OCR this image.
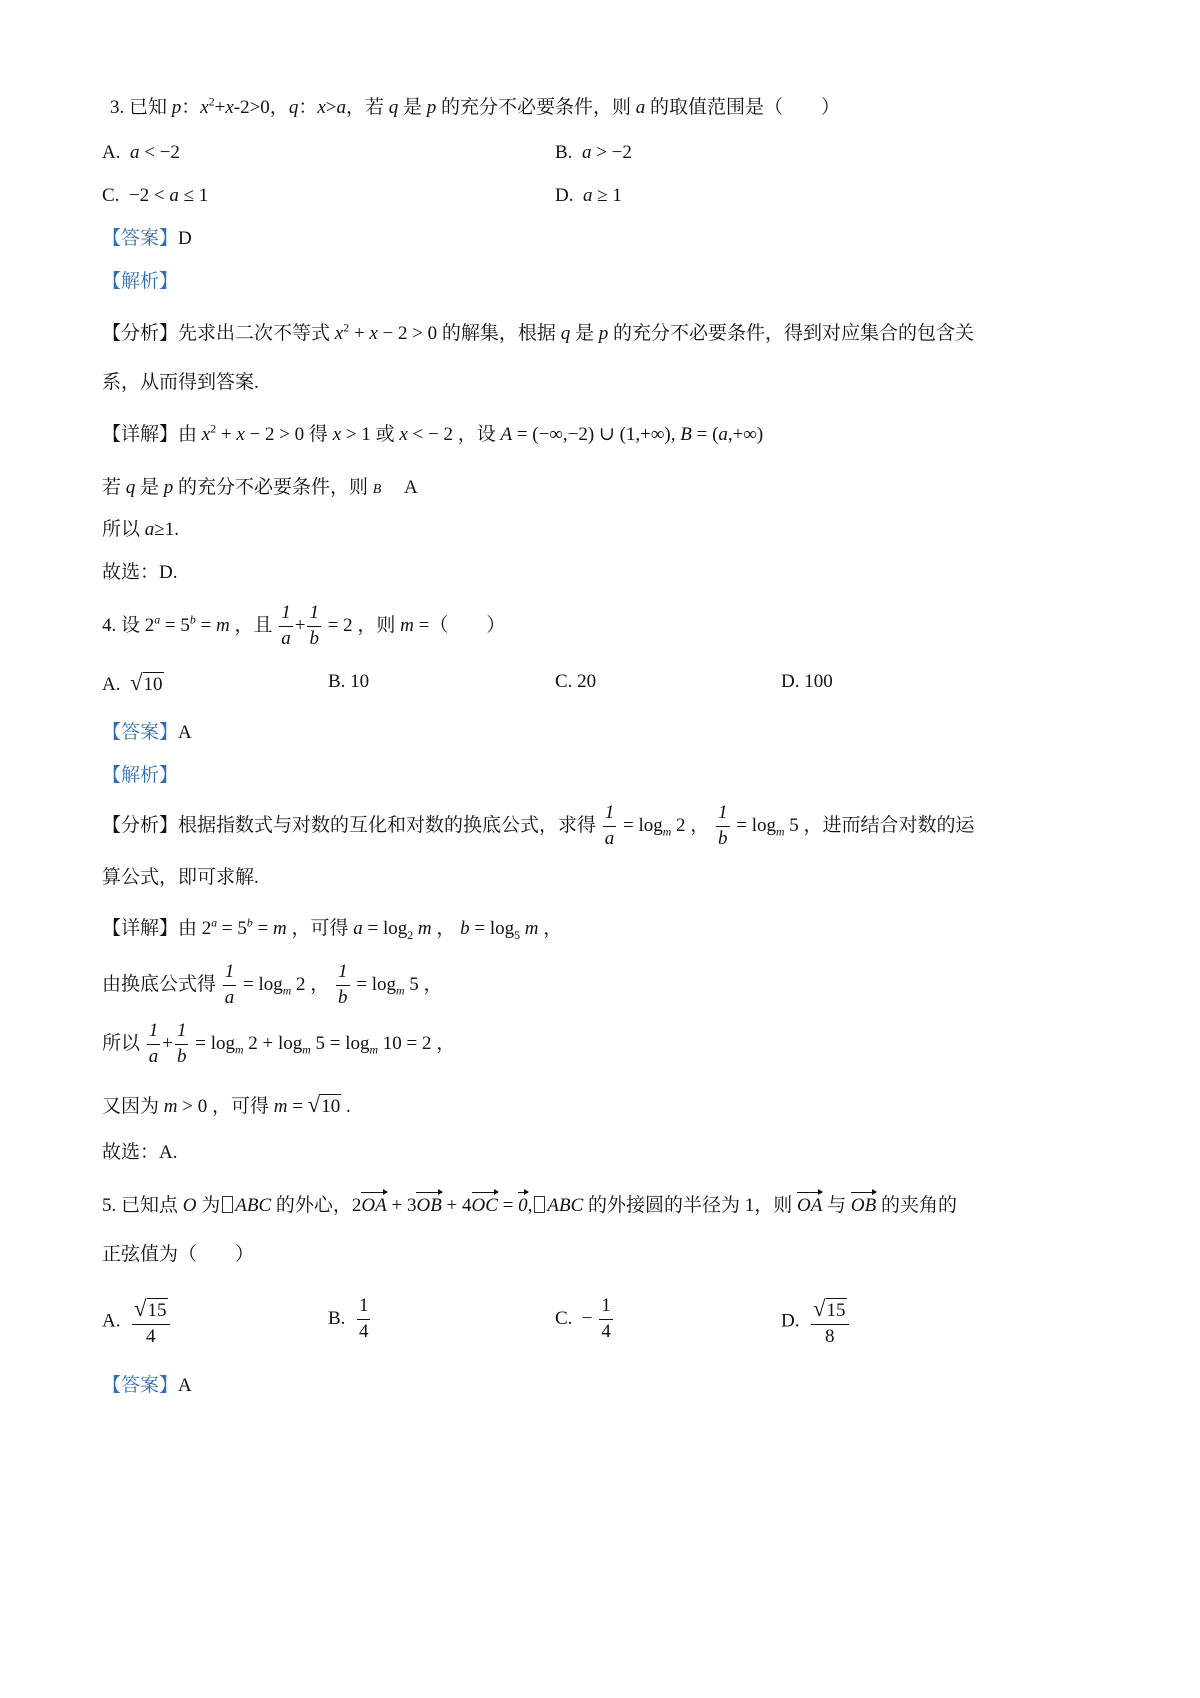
3. 已知 p：$x^2+x-2>0$，q：x>a，若 q 是 p 的充分不必要条件，则 a 的取值范围是（　　）
A.  a < −2	B.  a > −2
C.  −2 < a ≤ 1	D.  a ≥ 1
【答案】D
【解析】
【分析】先求出二次不等式 $x^2 + x - 2 > 0$ 的解集，根据 q 是 p 的充分不必要条件，得到对应集合的包含关
系，从而得到答案.
【详解】由 $x^2 + x - 2 > 0$ 得 x > 1 或 x < − 2 ，设 A = (−∞,−2) ∪ (1,+∞), B = (a,+∞)
若 q 是 p 的充分不必要条件，则 B     A
所以 a≥1.
故选：D.
4. 设 $2^a = 5^b = m$ ，且 $\frac{1}{a} + \frac{1}{b} = 2$ ，则 m =（　　）
A.  √10	B. 10	C. 20	D. 100
【答案】A
【解析】
【分析】根据指数式与对数的互化和对数的换底公式，求得 $\frac{1}{a} = \log_m 2$ ， $\frac{1}{b} = \log_m 5$ ，进而结合对数的运
算公式，即可求解.
【详解】由 $2^a = 5^b = m$ ，可得 $a = \log_2 m$ ， $b = \log_5 m$ ，
由换底公式得 $\frac{1}{a} = \log_m 2$ ， $\frac{1}{b} = \log_m 5$ ，
所以 $\frac{1}{a} + \frac{1}{b} = \log_m 2 + \log_m 5 = \log_m 10 = 2$ ，
又因为 m > 0 ，可得 m = √10 .
故选：A.
5. 已知点 O 为 ABC 的外心，2OA + 3OB + 4OC = 0, ABC 的外接圆的半径为 1，则 OA 与 OB 的夹角的
正弦值为（　　）
A. $\frac{√15}{4}$	B. $\frac{1}{4}$	C.  − $\frac{1}{4}$	D. $\frac{√15}{8}$
【答案】A
